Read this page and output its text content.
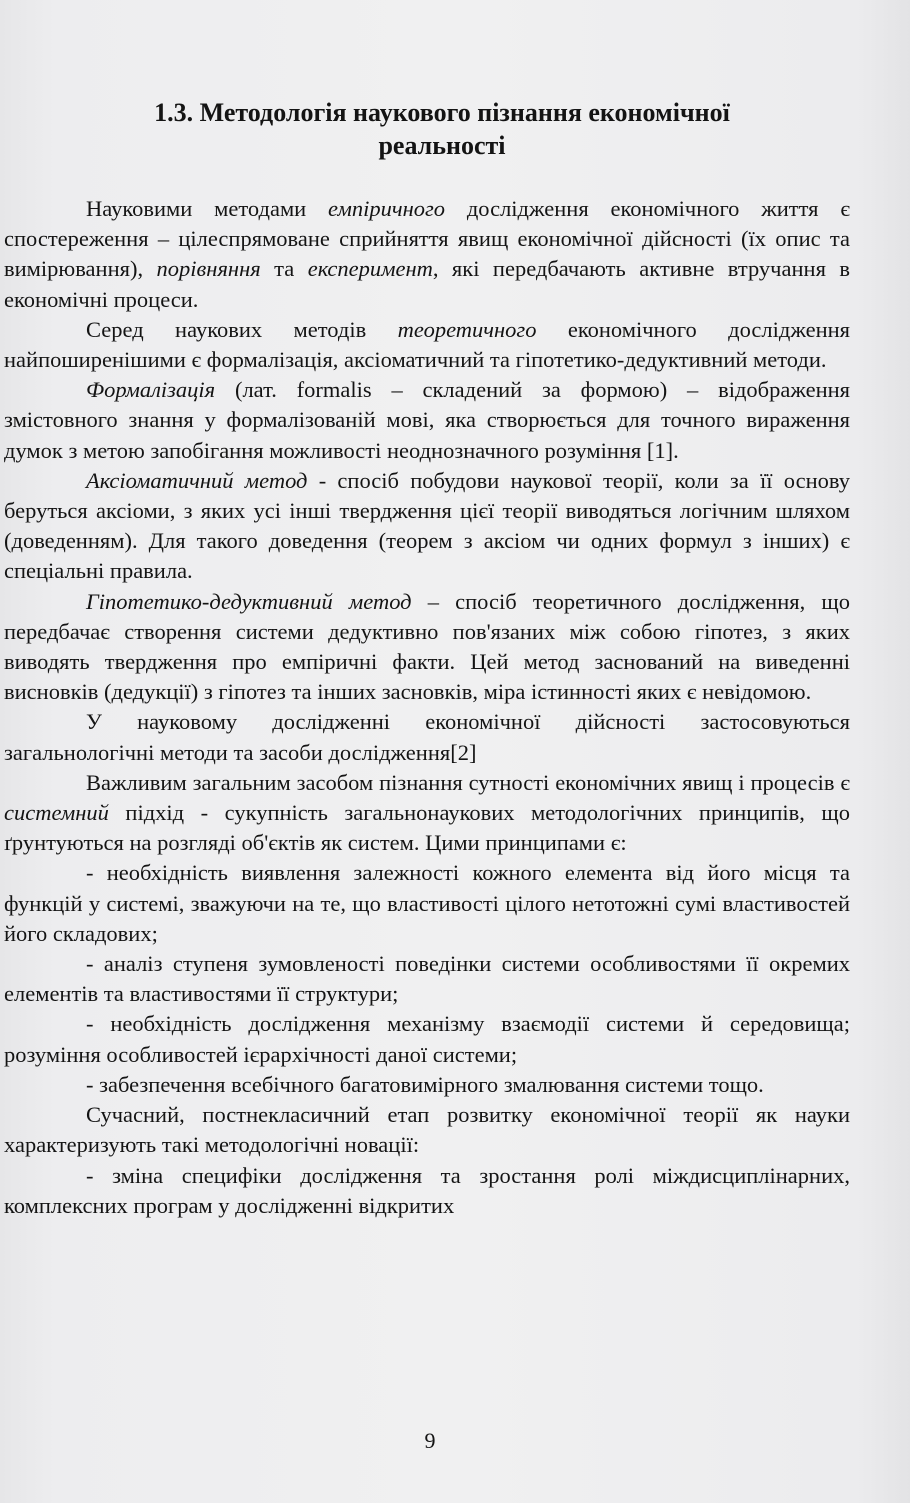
1.3. Методологія наукового пізнання економічної
реальності

Науковими методами емпіричного дослідження економічного життя є спостереження – цілеспрямоване сприйняття явищ економічної дійсності (їх опис та вимірювання), порівняння та експеримент, які передбачають активне втручання в економічні процеси.

Серед наукових методів теоретичного економічного дослідження найпоширенішими є формалізація, аксіоматичний та гіпотетико-дедуктивний методи.

Формалізація (лат. formalis – складений за формою) – відображення змістовного знання у формалізованій мові, яка створюється для точного вираження думок з метою запобігання можливості неоднозначного розуміння [1].

Аксіоматичний метод - спосіб побудови наукової теорії, коли за її основу беруться аксіоми, з яких усі інші твердження цієї теорії виводяться логічним шляхом (доведенням). Для такого доведення (теорем з аксіом чи одних формул з інших) є спеціальні правила.

Гіпотетико-дедуктивний метод – спосіб теоретичного дослідження, що передбачає створення системи дедуктивно пов'язаних між собою гіпотез, з яких виводять твердження про емпіричні факти. Цей метод заснований на виведенні висновків (дедукції) з гіпотез та інших засновків, міра істинності яких є невідомою.

У науковому дослідженні економічної дійсності застосовуються загальнологічні методи та засоби дослідження[2]

Важливим загальним засобом пізнання сутності економічних явищ і процесів є системний підхід - сукупність загальнонаукових методологічних принципів, що ґрунтуються на розгляді об'єктів як систем. Цими принципами є:

- необхідність виявлення залежності кожного елемента від його місця та функцій у системі, зважуючи на те, що властивості цілого нетотожні сумі властивостей його складових;

- аналіз ступеня зумовленості поведінки системи особливостями її окремих елементів та властивостями її структури;

- необхідність дослідження механізму взаємодії системи й середовища; розуміння особливостей ієрархічності даної системи;

- забезпечення всебічного багатовимірного змалювання системи тощо.

Сучасний, постнекласичний етап розвитку економічної теорії як науки характеризують такі методологічні новації:

- зміна специфіки дослідження та зростання ролі міждисциплінарних, комплексних програм у дослідженні відкритих

9
